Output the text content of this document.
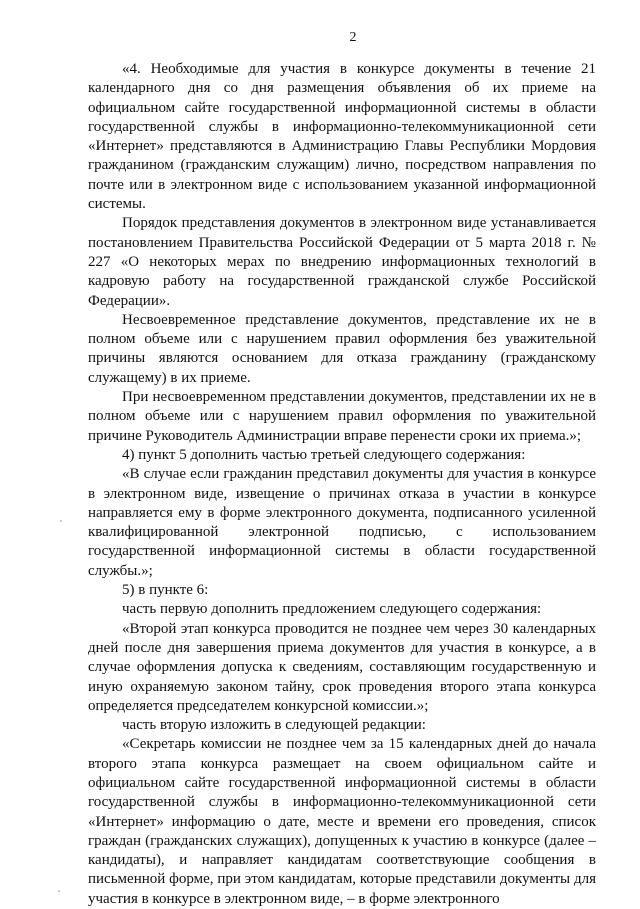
2

«4. Необходимые для участия в конкурсе документы в течение 21 календарного дня со дня размещения объявления об их приеме на официальном сайте государственной информационной системы в области государственной службы в информационно-телекоммуникационной сети «Интернет» представляются в Администрацию Главы Республики Мордовия гражданином (гражданским служащим) лично, посредством направления по почте или в электронном виде с использованием указанной информационной системы.

Порядок представления документов в электронном виде устанавливается постановлением Правительства Российской Федерации от 5 марта 2018 г. № 227 «О некоторых мерах по внедрению информационных технологий в кадровую работу на государственной гражданской службе Российской Федерации».

Несвоевременное представление документов, представление их не в полном объеме или с нарушением правил оформления без уважительной причины являются основанием для отказа гражданину (гражданскому служащему) в их приеме.

При несвоевременном представлении документов, представлении их не в полном объеме или с нарушением правил оформления по уважительной причине Руководитель Администрации вправе перенести сроки их приема.»;

4) пункт 5 дополнить частью третьей следующего содержания:

«В случае если гражданин представил документы для участия в конкурсе в электронном виде, извещение о причинах отказа в участии в конкурсе направляется ему в форме электронного документа, подписанного усиленной квалифицированной электронной подписью, с использованием государственной информационной системы в области государственной службы.»;

5) в пункте 6:

часть первую дополнить предложением следующего содержания:

«Второй этап конкурса проводится не позднее чем через 30 календарных дней после дня завершения приема документов для участия в конкурсе, а в случае оформления допуска к сведениям, составляющим государственную и иную охраняемую законом тайну, срок проведения второго этапа конкурса определяется председателем конкурсной комиссии.»;

часть вторую изложить в следующей редакции:

«Секретарь комиссии не позднее чем за 15 календарных дней до начала второго этапа конкурса размещает на своем официальном сайте и официальном сайте государственной информационной системы в области государственной службы в информационно-телекоммуникационной сети «Интернет» информацию о дате, месте и времени его проведения, список граждан (гражданских служащих), допущенных к участию в конкурсе (далее – кандидаты), и направляет кандидатам соответствующие сообщения в письменной форме, при этом кандидатам, которые представили документы для участия в конкурсе в электронном виде, – в форме электронного
